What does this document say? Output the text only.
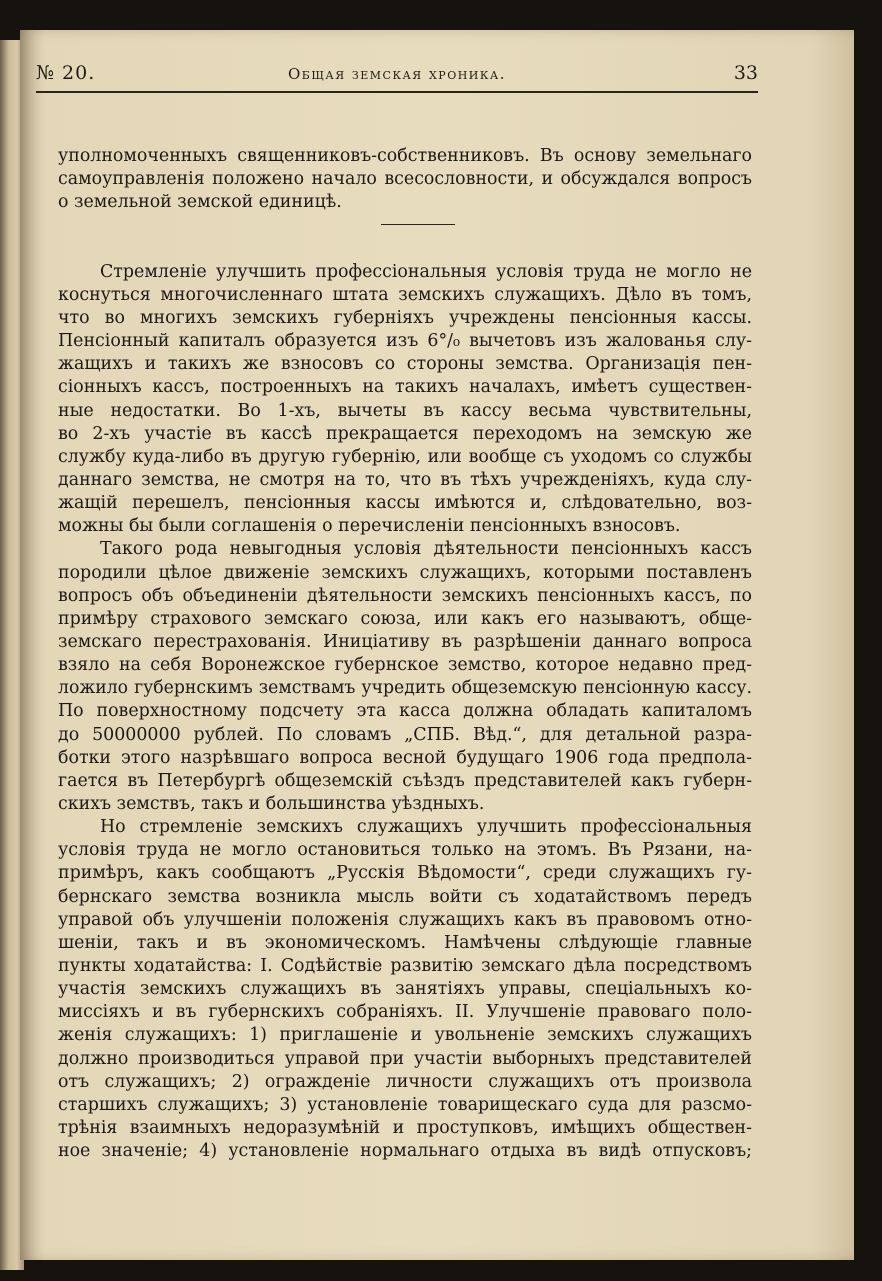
№ 20.	Общая земская хроника.	33
уполномоченныхъ священниковъ-собственниковъ. Въ основу земельнаго
самоуправленія положено начало всесословности, и обсуждался вопросъ
о земельной земской единицѣ.
Стремленіе улучшить профессіональныя условія труда не могло не
коснуться многочисленнаго штата земскихъ служащихъ. Дѣло въ томъ,
что во многихъ земскихъ губерніяхъ учреждены пенсіонныя кассы.
Пенсіонный капиталъ образуется изъ 6°/₀ вычетовъ изъ жалованья слу-
жащихъ и такихъ же взносовъ со стороны земства. Организація пен-
сіонныхъ кассъ, построенныхъ на такихъ началахъ, имѣетъ существен-
ные недостатки. Во 1-хъ, вычеты въ кассу весьма чувствительны,
во 2-хъ участіе въ кассѣ прекращается переходомъ на земскую же
службу куда-либо въ другую губернію, или вообще съ уходомъ со службы
даннаго земства, не смотря на то, что въ тѣхъ учрежденіяхъ, куда слу-
жащій перешелъ, пенсіонныя кассы имѣются и, слѣдовательно, воз-
можны бы были соглашенія о перечисленіи пенсіонныхъ взносовъ.
Такого рода невыгодныя условія дѣятельности пенсіонныхъ кассъ
породили цѣлое движеніе земскихъ служащихъ, которыми поставленъ
вопросъ объ объединеніи дѣятельности земскихъ пенсіонныхъ кассъ, по
примѣру страхового земскаго союза, или какъ его называютъ, обще-
земскаго перестрахованія. Иниціативу въ разрѣшеніи даннаго вопроса
взяло на себя Воронежское губернское земство, которое недавно пред-
ложило губернскимъ земствамъ учредить общеземскую пенсіонную кассу.
По поверхностному подсчету эта касса должна обладать капиталомъ
до 50000000 рублей. По словамъ „СПБ. Вѣд.“, для детальной разра-
ботки этого назрѣвшаго вопроса весной будущаго 1906 года предпола-
гается въ Петербургѣ общеземскій съѣздъ представителей какъ губерн-
скихъ земствъ, такъ и большинства уѣздныхъ.
Но стремленіе земскихъ служащихъ улучшить профессіональныя
условія труда не могло остановиться только на этомъ. Въ Рязани, на-
примѣръ, какъ сообщаютъ „Русскія Вѣдомости“, среди служащихъ гу-
бернскаго земства возникла мысль войти съ ходатайствомъ передъ
управой объ улучшеніи положенія служащихъ какъ въ правовомъ отно-
шеніи, такъ и въ экономическомъ. Намѣчены слѣдующіе главные
пункты ходатайства: I. Содѣйствіе развитію земскаго дѣла посредствомъ
участія земскихъ служащихъ въ занятіяхъ управы, спеціальныхъ ко-
миссіяхъ и въ губернскихъ собраніяхъ. II. Улучшеніе правоваго поло-
женія служащихъ: 1) приглашеніе и увольненіе земскихъ служащихъ
должно производиться управой при участіи выборныхъ представителей
отъ служащихъ; 2) огражденіе личности служащихъ отъ произвола
старшихъ служащихъ; 3) установленіе товарищескаго суда для разсмо-
трѣнія взаимныхъ недоразумѣній и проступковъ, имѣщихъ обществен-
ное значеніе; 4) установленіе нормальнаго отдыха въ видѣ отпусковъ;
